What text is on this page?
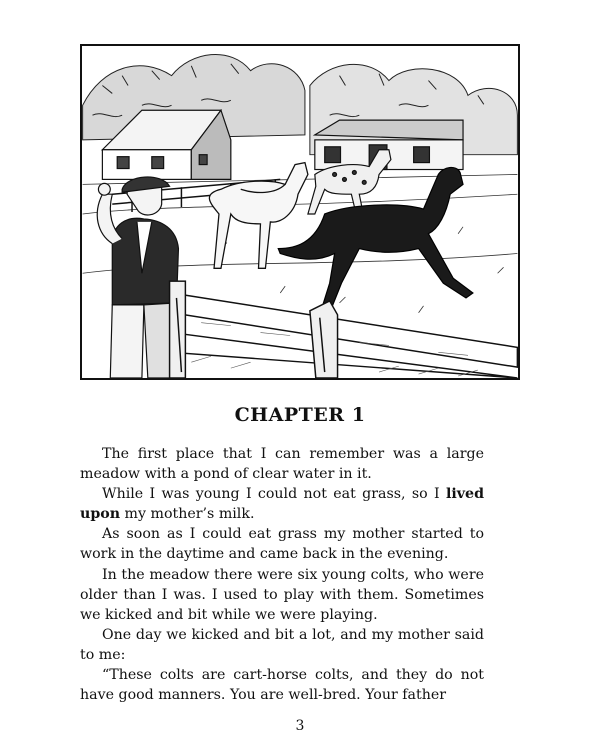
CHAPTER 1

The first place that I can remember was a large meadow with a pond of clear water in it.

While I was young I could not eat grass, so I lived upon my mother’s milk.

As soon as I could eat grass my mother started to work in the daytime and came back in the evening.

In the meadow there were six young colts, who were older than I was. I used to play with them. Sometimes we kicked and bit while we were playing.

One day we kicked and bit a lot, and my mother said to me:

“These colts are cart-horse colts, and they do not have good manners. You are well-bred. Your father

3
